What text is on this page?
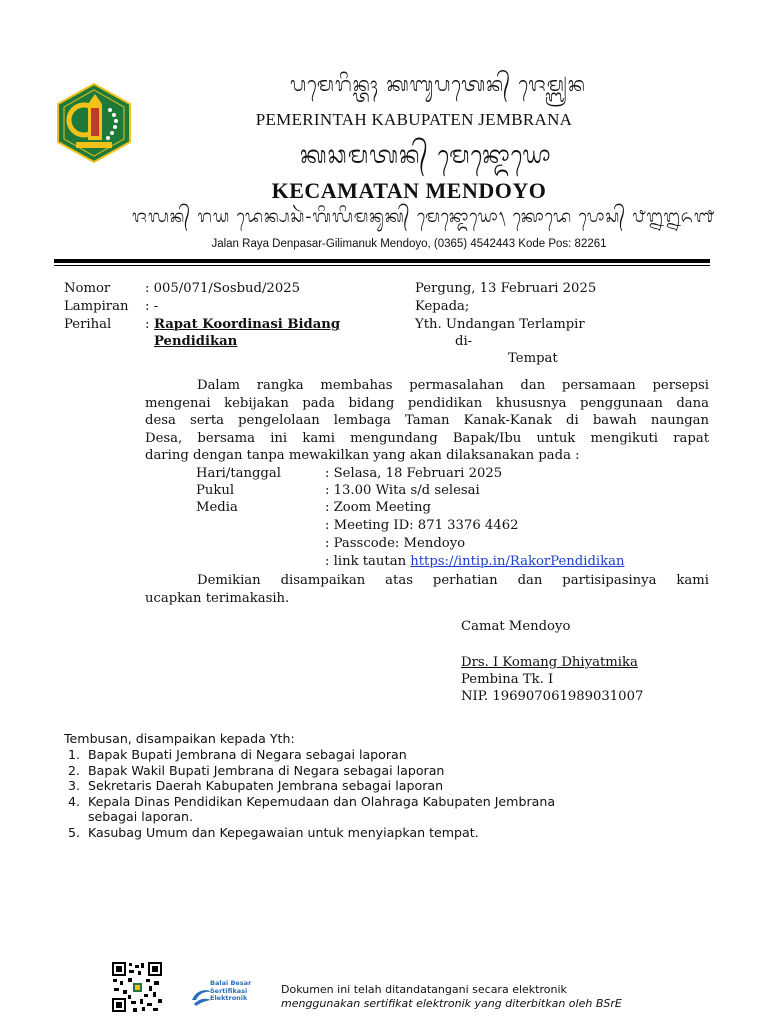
ᬧᬫᬾᬭᬶᬦ᭄ᬢᬄ ᬓᬩᬸᬧᬢᬾᬦ᭄ ᬚᬾᬫ᭄ᬩ᭄ᬭᬦ
PEMERINTAH KABUPATEN JEMBRANA
ᬓᬘᬫᬢᬦ᭄ ᬫᬾᬦ᭄ᬤᭀᬬᭀ
KECAMATAN MENDOYO
ᬚᬮᬦ᭄ ᬭᬬ ᬤᬾᬦ᭄ᬧᬲᬃ-ᬕᬶᬮᬶᬫᬦᬸᬓ᭄ ᬫᬾᬦ᭄ᬤᭀᬬᭀ᭞ ᬓᭀᬤᬾ ᬧᭀᬲ᭄ ᭘᭒᭒᭖᭑
Jalan Raya Denpasar-Gilimanuk Mendoyo, (0365) 4542443 Kode Pos: 82261
Nomor	: 005/071/Sosbud/2025
Lampiran : -
Perihal	: Rapat Koordinasi Bidang
Pendidikan
Pergung, 13 Februari 2025
Kepada;
Yth. Undangan Terlampir
di-
Tempat
Dalam rangka membahas permasalahan dan persamaan persepsi
mengenai kebijakan pada bidang pendidikan khususnya penggunaan dana
desa serta pengelolaan lembaga Taman Kanak-Kanak di bawah naungan
Desa, bersama ini kami mengundang Bapak/Ibu untuk mengikuti rapat
daring dengan tanpa mewakilkan yang akan dilaksanakan pada :
Hari/tanggal	: Selasa, 18 Februari 2025
Pukul	: 13.00 Wita s/d selesai
Media	: Zoom Meeting
: Meeting ID: 871 3376 4462
: Passcode: Mendoyo
: link tautan https://intip.in/RakorPendidikan
Demikian disampaikan atas perhatian dan partisipasinya kami
ucapkan terimakasih.
Camat Mendoyo
Drs. I Komang Dhiyatmika
Pembina Tk. I
NIP. 196907061989031007
Tembusan, disampaikan kepada Yth:
1. Bapak Bupati Jembrana di Negara sebagai laporan
2. Bapak Wakil Bupati Jembrana di Negara sebagai laporan
3. Sekretaris Daerah Kabupaten Jembrana sebagai laporan
4. Kepala Dinas Pendidikan Kepemudaan dan Olahraga Kabupaten Jembrana
sebagai laporan.
5. Kasubag Umum dan Kepegawaian untuk menyiapkan tempat.
Balai Besar
Sertifikasi
Elektronik
Dokumen ini telah ditandatangani secara elektronik
menggunakan sertifikat elektronik yang diterbitkan oleh BSrE
